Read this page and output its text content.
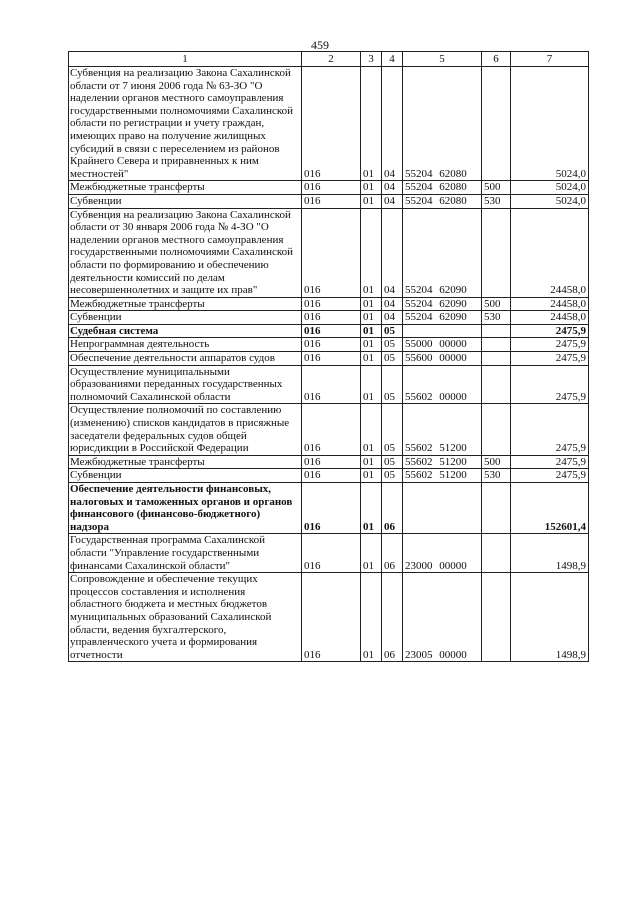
459
1	2	3	4	5	6	7
Субвенция на реализацию Закона Сахалинской области от 7 июня 2006 года № 63-ЗО "О наделении органов местного самоуправления государственными полномочиями Сахалинской области по регистрации и учету граждан, имеющих право на получение жилищных субсидий в связи с переселением из районов Крайнего Севера и приравненных к ним местностей"	016	01	04	55204 62080		5024,0
Межбюджетные трансферты	016	01	04	55204 62080	500	5024,0
Субвенции	016	01	04	55204 62080	530	5024,0
Субвенция на реализацию Закона Сахалинской области от 30 января 2006 года № 4-ЗО "О наделении органов местного самоуправления государственными полномочиями Сахалинской области по формированию и обеспечению деятельности комиссий по делам несовершеннолетних и защите их прав"	016	01	04	55204 62090		24458,0
Межбюджетные трансферты	016	01	04	55204 62090	500	24458,0
Субвенции	016	01	04	55204 62090	530	24458,0
Судебная система	016	01	05			2475,9
Непрограммная деятельность	016	01	05	55000 00000		2475,9
Обеспечение деятельности аппаратов судов	016	01	05	55600 00000		2475,9
Осуществление муниципальными образованиями переданных государственных полномочий Сахалинской области	016	01	05	55602 00000		2475,9
Осуществление полномочий по составлению (изменению) списков кандидатов в присяжные заседатели федеральных судов общей юрисдикции в Российской Федерации	016	01	05	55602 51200		2475,9
Межбюджетные трансферты	016	01	05	55602 51200	500	2475,9
Субвенции	016	01	05	55602 51200	530	2475,9
Обеспечение деятельности финансовых, налоговых и таможенных органов и органов финансового (финансово-бюджетного) надзора	016	01	06			152601,4
Государственная программа Сахалинской области "Управление государственными финансами Сахалинской области"	016	01	06	23000 00000		1498,9
Сопровождение и обеспечение текущих процессов составления и исполнения областного бюджета и местных бюджетов муниципальных образований Сахалинской области, ведения бухгалтерского, управленческого учета и формирования отчетности	016	01	06	23005 00000		1498,9
